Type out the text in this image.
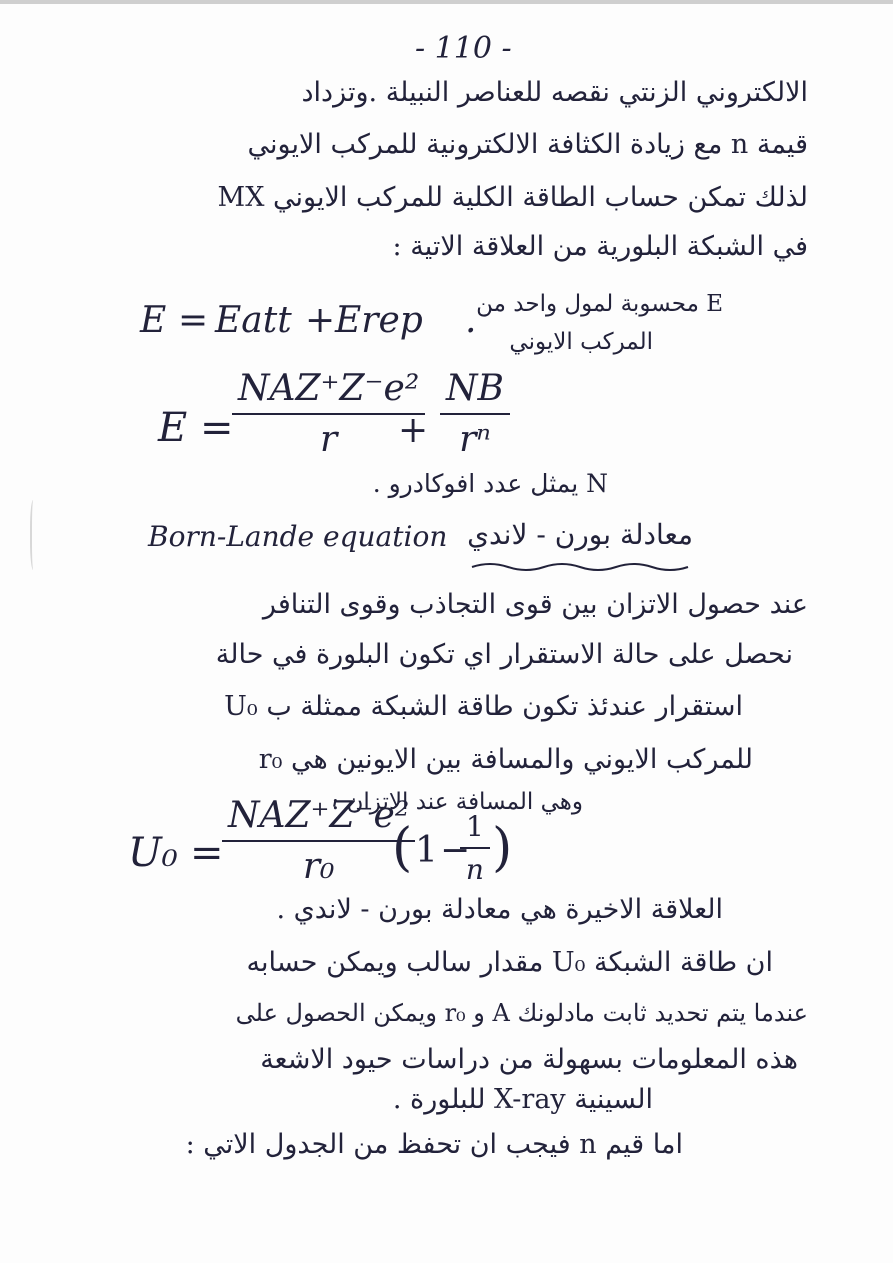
- 110 -
الالكتروني الزنتي نقصه للعناصر النبيلة .وتزداد
قيمة n مع زيادة الكثافة الالكترونية للمركب الايوني
لذلك تمكن حساب الطاقة الكلية للمركب الايوني MX
في الشبكة البلورية من العلاقة الاتية :
E = Eatt + Erep . E محسوبة لمول واحد من
المركب الايوني
E =
NAZ⁺Z⁻e²
r	+ $\frac{NB}{\text{rⁿ}}$
N يمثل عدد افوكادرو .
Born-Lande equation معادلة بورن - لاندي
عند حصول الاتزان بين قوى التجاذب وقوى التنافر
نحصل على حالة الاستقرار اي تكون البلورة في حالة
استقرار عندئذ تكون طاقة الشبكة ممثلة ب U₀
للمركب الايوني والمسافة بين الايونين هي r₀
وهي المسافة عند الاتزان :
U₀ =
NAZ⁺Z⁻e²
r₀	( 1 −
$\frac{1}{n}$ )
العلاقة الاخيرة هي معادلة بورن - لاندي .
ان طاقة الشبكة U₀ مقدار سالب ويمكن حسابه
عندما يتم تحديد ثابت مادلونك A و r₀ ويمكن الحصول على
هذه المعلومات بسهولة من دراسات حيود الاشعة
السينية X-ray للبلورة .
اما قيم n فيجب ان تحفظ من الجدول الاتي :
